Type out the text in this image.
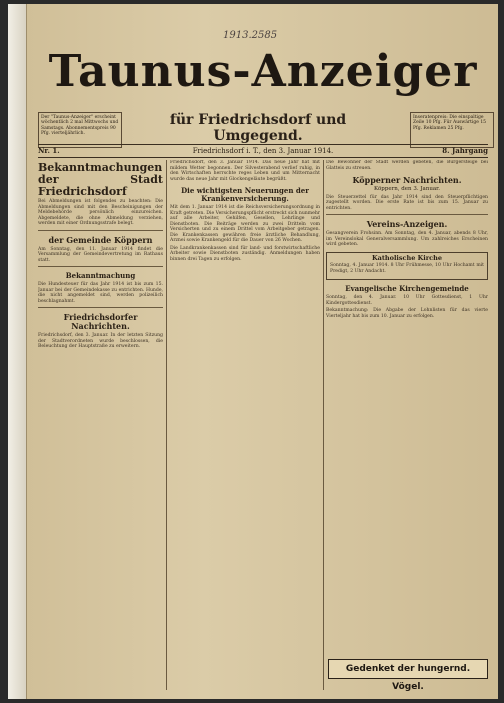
1913.2585
Taunus-Anzeiger
Der "Taunus-Anzeiger" erscheint wöchentlich 2 mal Mittwochs und Samstags. Abonnementspreis 90 Pfg. vierteljährlich.
für Friedrichsdorf und Umgegend.
Inseratenpreis: Die einspaltige Zeile 10 Pfg. Für Auswärtige 15 Pfg. Reklamen 25 Pfg.
Nr. 1.	Friedrichsdorf i. T., den 3. Januar 1914.	8. Jahrgang
Bekanntmachungen der Stadt Friedrichsdorf
Bei Abmeldungen ist folgendes zu beachten: Die Abmeldungen sind mit den Bescheinigungen der Meldebehörde persönlich einzureichen. Abgemeldete, die ohne Abmeldung verziehen, werden mit einer Ordnungsstrafe belegt.
der Gemeinde Köppern
Am Sonntag, den 11. Januar 1914 findet die Versammlung der Gemeindevertretung im Rathaus statt.
Bekanntmachung
Die Hundesteuer für das Jahr 1914 ist bis zum 15. Januar bei der Gemeindekasse zu entrichten. Hunde, die nicht angemeldet sind, werden polizeilich beschlagnahmt.
Friedrichsdorfer Nachrichten.
Friedrichsdorf, den 3. Januar. In der letzten Sitzung der Stadtverordneten wurde beschlossen, die Beleuchtung der Hauptstraße zu erweitern.
Friedrichsdorf, den 3. Januar 1914. Das neue Jahr hat mit mildem Wetter begonnen. Der Silvesterabend verlief ruhig, in den Wirtschaften herrschte reges Leben und um Mitternacht wurde das neue Jahr mit Glockengeläute begrüßt.
Die wichtigsten Neuerungen der Krankenversicherung.
Mit dem 1. Januar 1914 ist die Reichsversicherungsordnung in Kraft getreten. Die Versicherungspflicht erstreckt sich nunmehr auf alle Arbeiter, Gehilfen, Gesellen, Lehrlinge und Dienstboten. Die Beiträge werden zu zwei Dritteln vom Versicherten und zu einem Drittel vom Arbeitgeber getragen. Die Krankenkassen gewähren freie ärztliche Behandlung, Arznei sowie Krankengeld für die Dauer von 26 Wochen.
Die Landkrankenkassen sind für land- und forstwirtschaftliche Arbeiter sowie Dienstboten zuständig. Anmeldungen haben binnen drei Tagen zu erfolgen.
Die Bewohner der Stadt werden gebeten, die Bürgersteige bei Glatteis zu streuen.
Köpperner Nachrichten.
Köppern, den 3. Januar.
Die Steuerzettel für das Jahr 1914 sind den Steuerpflichtigen zugestellt worden. Die erste Rate ist bis zum 15. Januar zu entrichten.
Vereins-Anzeigen.
Gesangverein Frohsinn. Am Sonntag, den 4. Januar, abends 8 Uhr, im Vereinslokal Generalversammlung. Um zahlreiches Erscheinen wird gebeten.
Katholische Kirche
Sonntag, 4. Januar 1914. 8 Uhr Frühmesse, 10 Uhr Hochamt mit Predigt, 2 Uhr Andacht.
Evangelische Kirchengemeinde
Sonntag, den 4. Januar. 10 Uhr Gottesdienst, 1 Uhr Kindergottesdienst.
Bekanntmachung: Die Abgabe der Lohnlisten für das vierte Vierteljahr hat bis zum 10. Januar zu erfolgen.
Gedenket der hungernd. Vögel.
